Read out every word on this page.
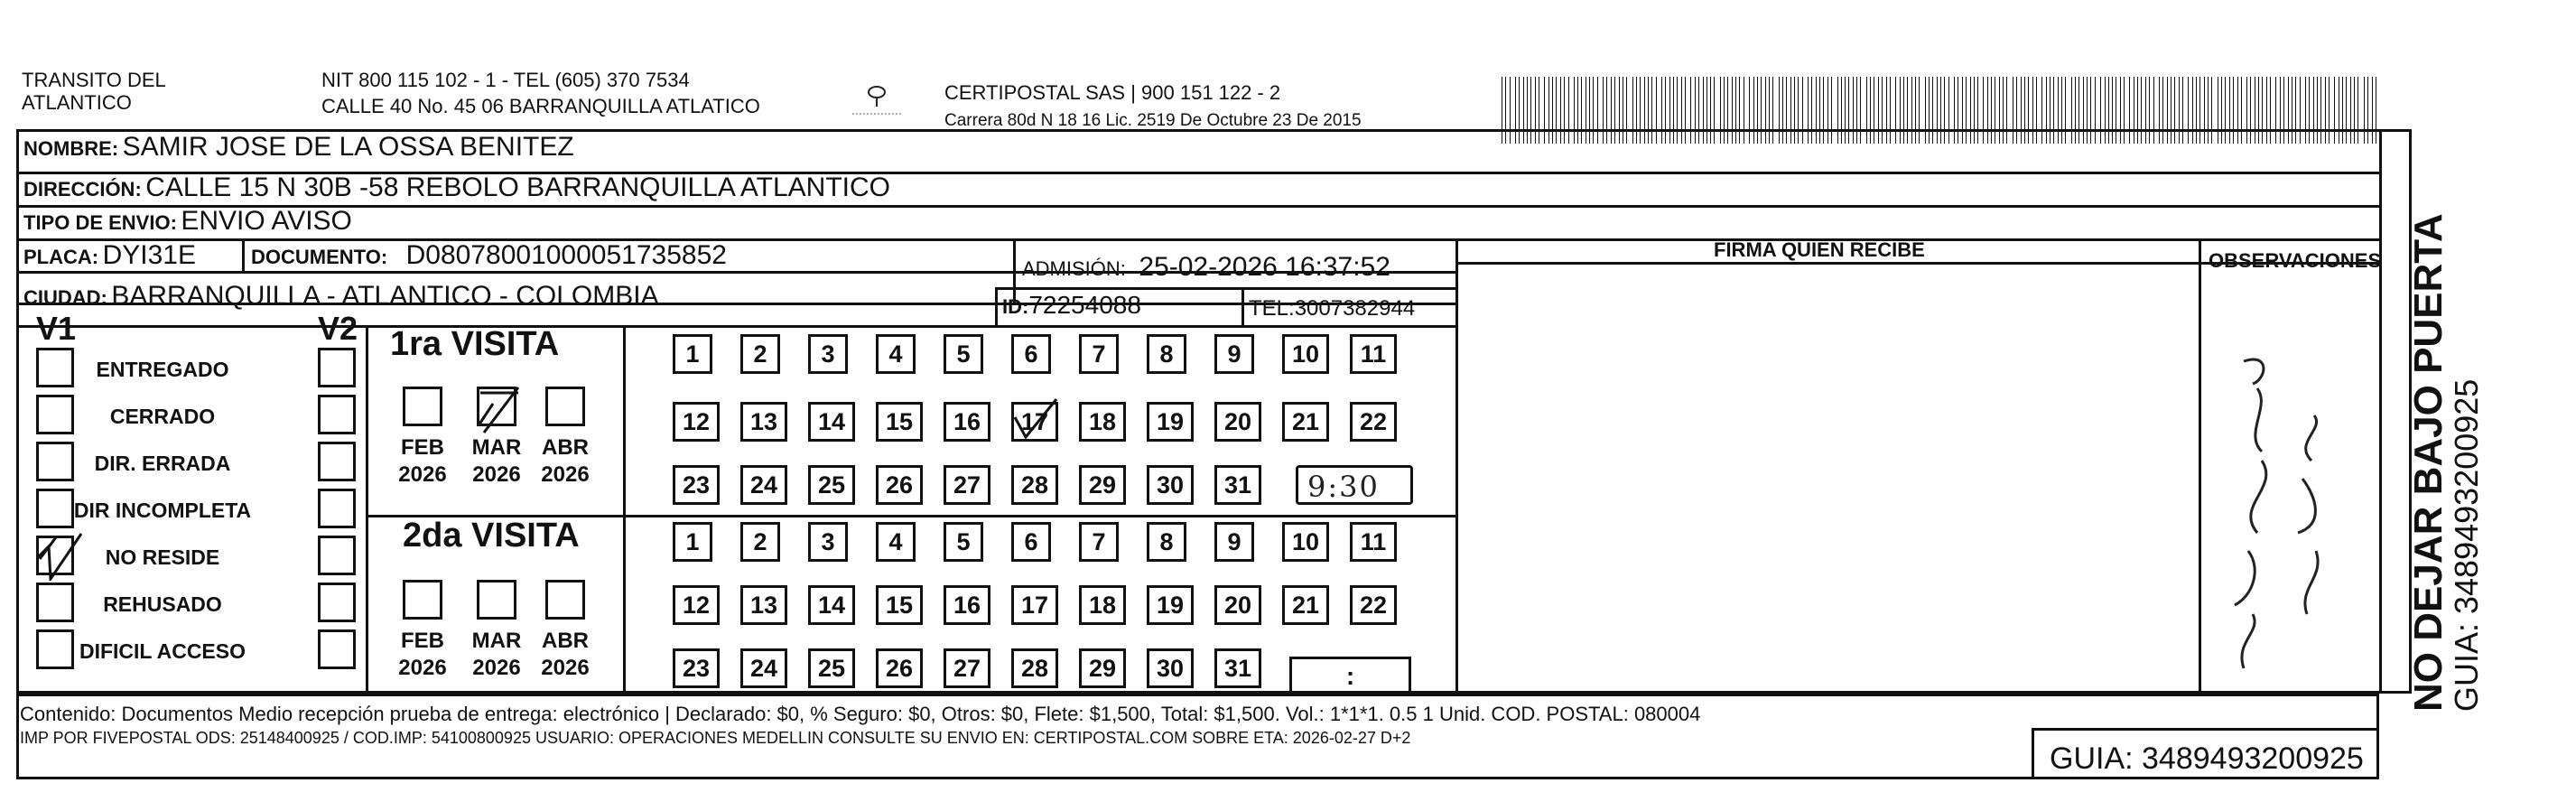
TRANSITO DEL
ATLANTICO
NIT 800 115 102 - 1 - TEL (605) 370 7534
CALLE 40 No. 45 06 BARRANQUILLA ATLATICO
CERTIPOSTAL SAS | 900 151 122 - 2
Carrera 80d N 18 16 Lic. 2519 De Octubre 23 De 2015
NOMBRE: SAMIR JOSE DE LA OSSA BENITEZ
DIRECCIÓN: CALLE 15 N 30B -58 REBOLO BARRANQUILLA ATLANTICO
TIPO DE ENVIO: ENVIO AVISO
PLACA: DYI31E	DOCUMENTO: D08078001000051735852	ADMISIÓN: 25-02-2026 16:37:52
CIUDAD: BARRANQUILLA - ATLANTICO - COLOMBIA	ID:72254088	TEL:3007382944
FIRMA QUIEN RECIBE	OBSERVACIONES
V1	V2
ENTREGADO
CERRADO
DIR. ERRADA
DIR INCOMPLETA
NO RESIDE
REHUSADO
DIFICIL ACCESO
1ra VISITA
2da VISITA
FEB
2026
MAR
2026
ABR
2026
FEB
2026
MAR
2026
ABR
2026
1	2	3	4	5	6	7	8	9	10	11
12	13	14	15	16	17	18	19	20	21	22
23	24	25	26	27	28	29	30	31
1	2	3	4	5	6	7	8	9	10	11
12	13	14	15	16	17	18	19	20	21	22
23	24	25	26	27	28	29	30	31
9:30
:
Contenido: Documentos Medio recepción prueba de entrega: electrónico | Declarado: $0, % Seguro: $0, Otros: $0, Flete: $1,500, Total: $1,500. Vol.: 1*1*1. 0.5 1 Unid. COD. POSTAL: 080004
IMP POR FIVEPOSTAL ODS: 25148400925 / COD.IMP: 54100800925 USUARIO: OPERACIONES MEDELLIN CONSULTE SU ENVIO EN: CERTIPOSTAL.COM SOBRE ETA: 2026-02-27 D+2
GUIA: 3489493200925
NO DEJAR BAJO PUERTA
GUIA: 3489493200925
